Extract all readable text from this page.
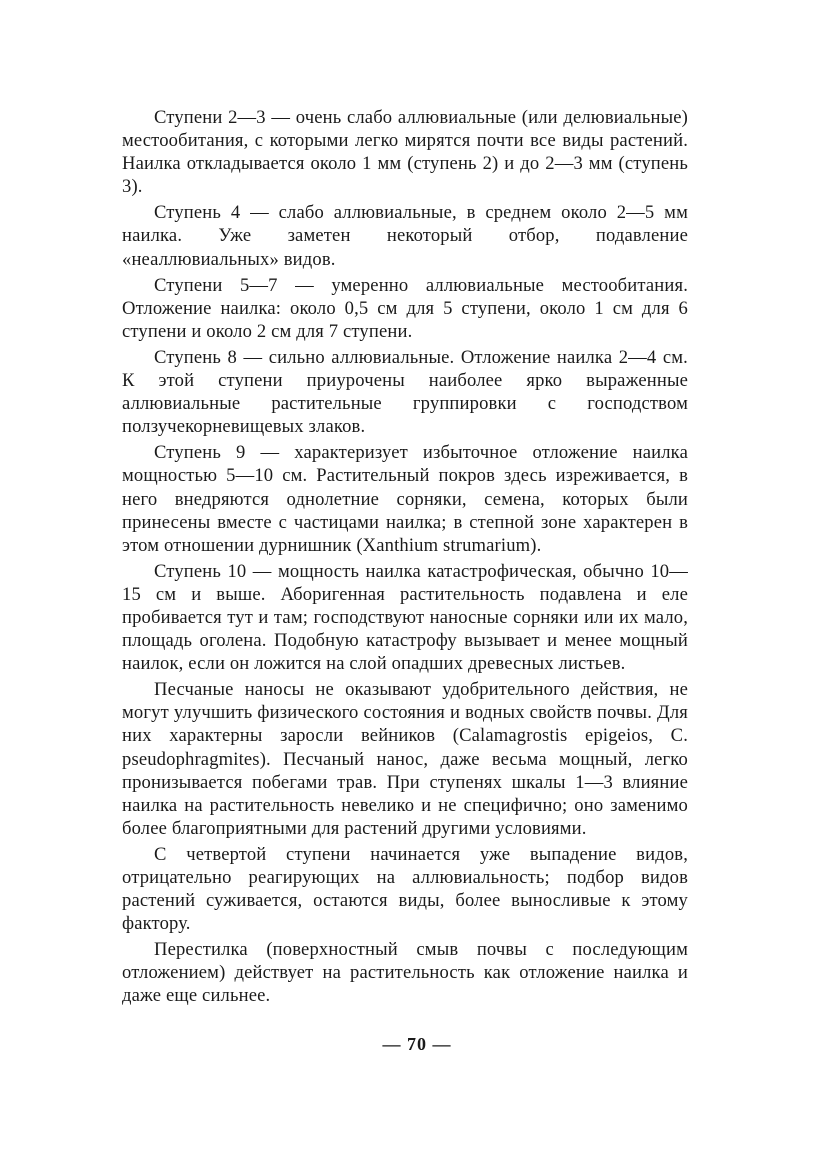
Ступени 2—3 — очень слабо аллювиальные (или делювиальные) местообитания, с которыми легко мирятся почти все виды растений. Наилка откладывается около 1 мм (ступень 2) и до 2—3 мм (ступень 3).

Ступень 4 — слабо аллювиальные, в среднем около 2—5 мм наилка. Уже заметен некоторый отбор, подавление «неаллювиальных» видов.

Ступени 5—7 — умеренно аллювиальные местообитания. Отложение наилка: около 0,5 см для 5 ступени, около 1 см для 6 ступени и около 2 см для 7 ступени.

Ступень 8 — сильно аллювиальные. Отложение наилка 2—4 см. К этой ступени приурочены наиболее ярко выраженные аллювиальные растительные группировки с господством ползучекорневищевых злаков.

Ступень 9 — характеризует избыточное отложение наилка мощностью 5—10 см. Растительный покров здесь изреживается, в него внедряются однолетние сорняки, семена, которых были принесены вместе с частицами наилка; в степной зоне характерен в этом отношении дурнишник (Xanthium strumarium).

Ступень 10 — мощность наилка катастрофическая, обычно 10—15 см и выше. Аборигенная растительность подавлена и еле пробивается тут и там; господствуют наносные сорняки или их мало, площадь оголена. Подобную катастрофу вызывает и менее мощный наилок, если он ложится на слой опадших древесных листьев.

Песчаные наносы не оказывают удобрительного действия, не могут улучшить физического состояния и водных свойств почвы. Для них характерны заросли вейников (Calamagrostis epigeios, C. pseudophragmites). Песчаный нанос, даже весьма мощный, легко пронизывается побегами трав. При ступенях шкалы 1—3 влияние наилка на растительность невелико и не специфично; оно заменимо более благоприятными для растений другими условиями.

С четвертой ступени начинается уже выпадение видов, отрицательно реагирующих на аллювиальность; подбор видов растений суживается, остаются виды, более выносливые к этому фактору.

Перестилка (поверхностный смыв почвы с последующим отложением) действует на растительность как отложение наилка и даже еще сильнее.

— 70 —
